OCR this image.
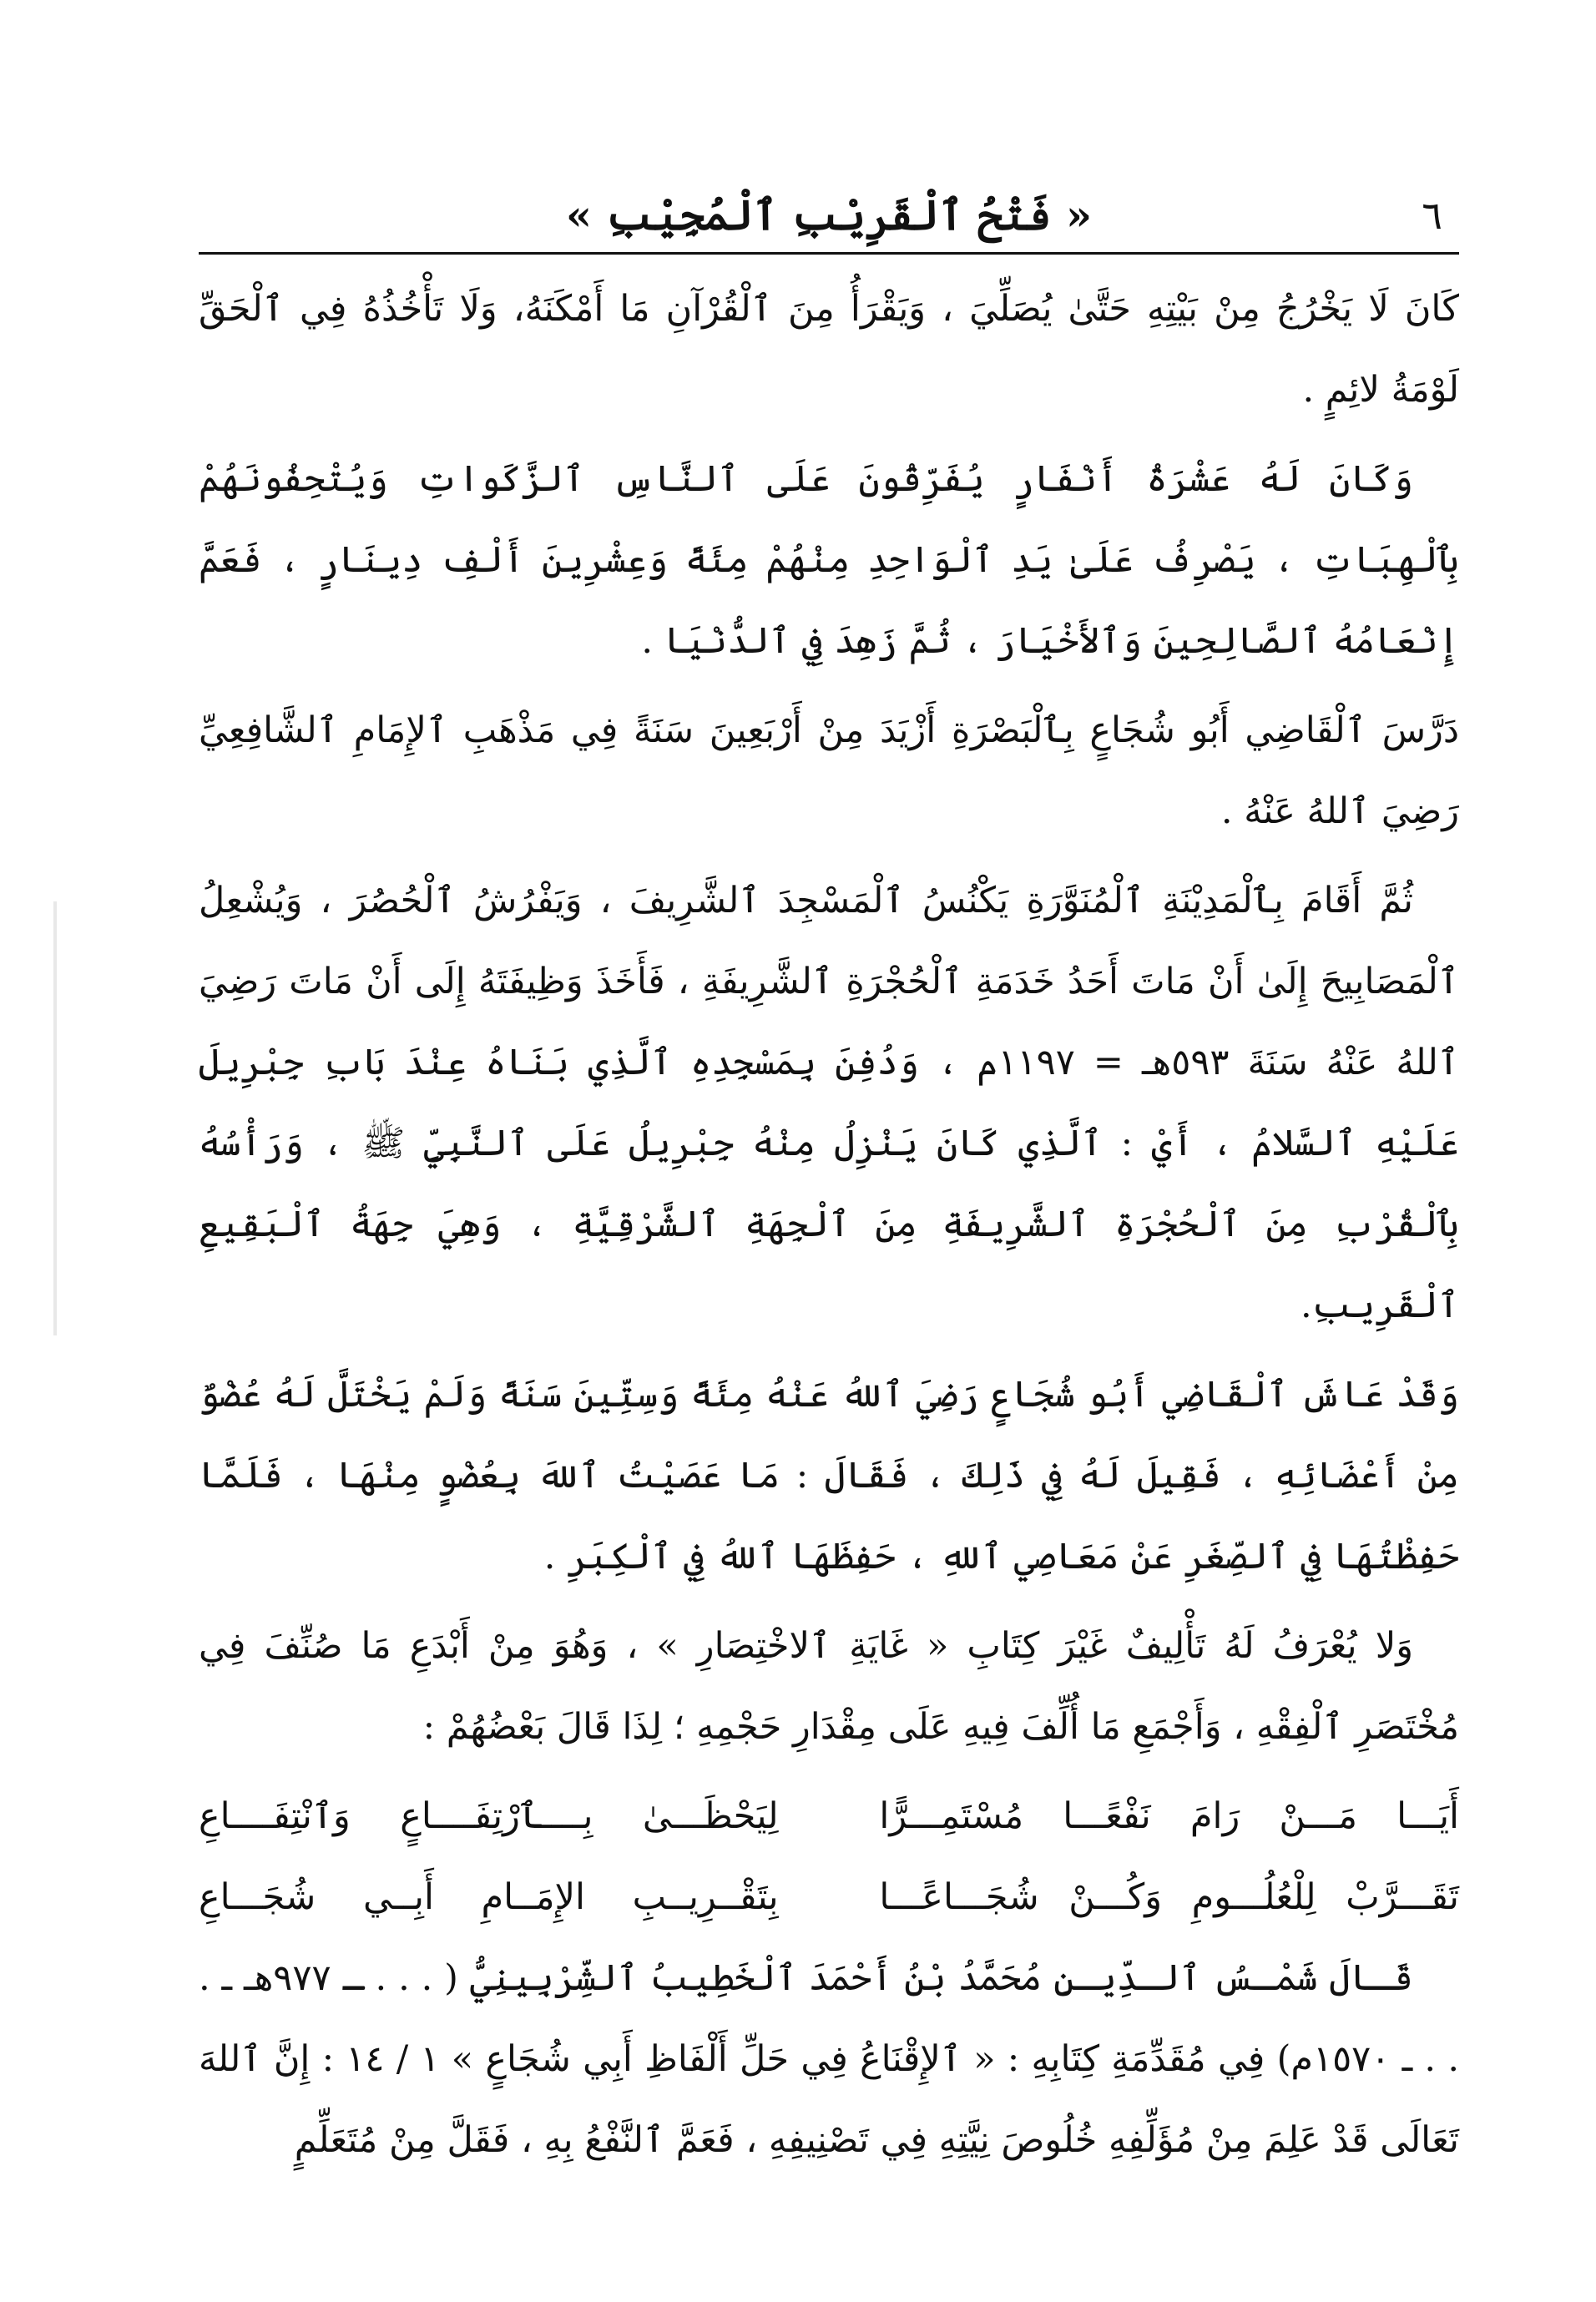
٦
« فَتْحُ ٱلْقَرِيْبِ ٱلْمُجِيْبِ »

كَانَ لَا يَخْرُجُ مِنْ بَيْتِهِ حَتَّىٰ يُصَلِّيَ ، وَيَقْرَأُ مِنَ ٱلْقُرْآنِ مَا أَمْكَنَهُ، وَلَا تَأْخُذُهُ فِي ٱلْحَقِّ لَوْمَةُ لائِمٍ .

وَكَانَ لَهُ عَشْرَةُ أَنْفَارٍ يُفَرِّقُونَ عَلَى ٱلنَّاسِ ٱلزَّكَواتِ وَيُتْحِفُونَهُمْ بِٱلْهِبَاتِ ، يَصْرِفُ عَلَىٰ يَدِ ٱلْوَاحِدِ مِنْهُمْ مِئَةً وَعِشْرِينَ أَلْفِ دِينَارٍ ، فَعَمَّ إِنْعَامُهُ ٱلصَّالِحِينَ وَٱلأَخْيَارَ ، ثُمَّ زَهِدَ فِي ٱلدُّنْيَا .

دَرَّسَ ٱلْقَاضِي أَبُو شُجَاعٍ بِٱلْبَصْرَةِ أَزْيَدَ مِنْ أَرْبَعِينَ سَنَةً فِي مَذْهَبِ ٱلإِمَامِ ٱلشَّافِعِيِّ رَضِيَ ٱللهُ عَنْهُ .

ثُمَّ أَقَامَ بِٱلْمَدِيْنَةِ ٱلْمُنَوَّرَةِ يَكْنُسُ ٱلْمَسْجِدَ ٱلشَّرِيفَ ، وَيَفْرُشُ ٱلْحُصُرَ ، وَيُشْعِلُ ٱلْمَصَابِيحَ إِلَىٰ أَنْ مَاتَ أَحَدُ خَدَمَةِ ٱلْحُجْرَةِ ٱلشَّرِيفَةِ ، فَأَخَذَ وَظِيفَتَهُ إِلَى أَنْ مَاتَ رَضِيَ ٱللهُ عَنْهُ سَنَةَ ٥٩٣هـ = ١١٩٧م ، وَدُفِنَ بِمَسْجِدِهِ ٱلَّذِي بَنَاهُ عِنْدَ بَابِ جِبْرِيلَ عَلَيْهِ ٱلسَّلامُ ، أَيْ : ٱلَّذِي كَانَ يَنْزِلُ مِنْهُ جِبْرِيلُ عَلَى ٱلنَّبِيِّ ﷺ ، وَرَأْسُهُ بِٱلْقُرْبِ مِنَ ٱلْحُجْرَةِ ٱلشَّرِيفَةِ مِنَ ٱلْجِهَةِ ٱلشَّرْقِيَّةِ ، وَهِيَ جِهَةُ ٱلْبَقِيعِ ٱلْقَرِيبِ.

وَقَدْ عَاشَ ٱلْقَاضِي أَبُو شُجَاعٍ رَضِيَ ٱللهُ عَنْهُ مِئَةً وَسِتِّينَ سَنَةً وَلَمْ يَخْتَلَّ لَهُ عُضْوٌ مِنْ أَعْضَائِهِ ، فَقِيلَ لَهُ فِي ذَلِكَ ، فَقَالَ : مَا عَصَيْتُ ٱللهَ بِعُضْوٍ مِنْهَا ، فَلَمَّا حَفِظْتُهَا فِي ٱلصِّغَرِ عَنْ مَعَاصِي ٱللهِ ، حَفِظَهَا ٱللهُ فِي ٱلْكِبَرِ .

وَلا يُعْرَفُ لَهُ تَأْلِيفٌ غَيْرَ كِتَابِ « غَايَةِ ٱلاخْتِصَارِ » ، وَهُوَ مِنْ أَبْدَعِ مَا صُنِّفَ فِي مُخْتَصَرِ ٱلْفِقْهِ ، وَأَجْمَعِ مَا أُلِّفَ فِيهِ عَلَى مِقْدَارِ حَجْمِهِ ؛ لِذَا قَالَ بَعْضُهُمْ :

أَيَـــا مَـــنْ رَامَ نَفْعًـــا مُسْتَمِـــرًّا
لِيَحْظَـــىٰ بِــــٱرْتِفَــــاعٍ وَٱنْتِفَــــاعِ
تَقَـــرَّبْ لِلْعُلُـــومِ وَكُـــنْ شُجَـــاعًـــا
بِتَقْــرِيــبِ الإِمَــامِ أَبِــي شُجَـــاعِ

قَـالَ شَمْـسُ ٱلـدِّيـنِ مُحَمَّدُ بْنُ أَحْمَدَ ٱلْخَطِيبُ ٱلشِّرْبِينِيُّ ( . . . ـ ٩٧٧هـ ـ . . . ـ ١٥٧٠م) فِي مُقَدِّمَةِ كِتَابِهِ : « ٱلإِقْنَاعُ فِي حَلِّ أَلْفَاظِ أَبِي شُجَاعٍ » ١ / ١٤ : إِنَّ ٱللهَ تَعَالَى قَدْ عَلِمَ مِنْ مُؤَلِّفِهِ خُلُوصَ نِيَّتِهِ فِي تَصْنِيفِهِ ، فَعَمَّ ٱلنَّفْعُ بِهِ ، فَقَلَّ مِنْ مُتَعَلِّمٍ
